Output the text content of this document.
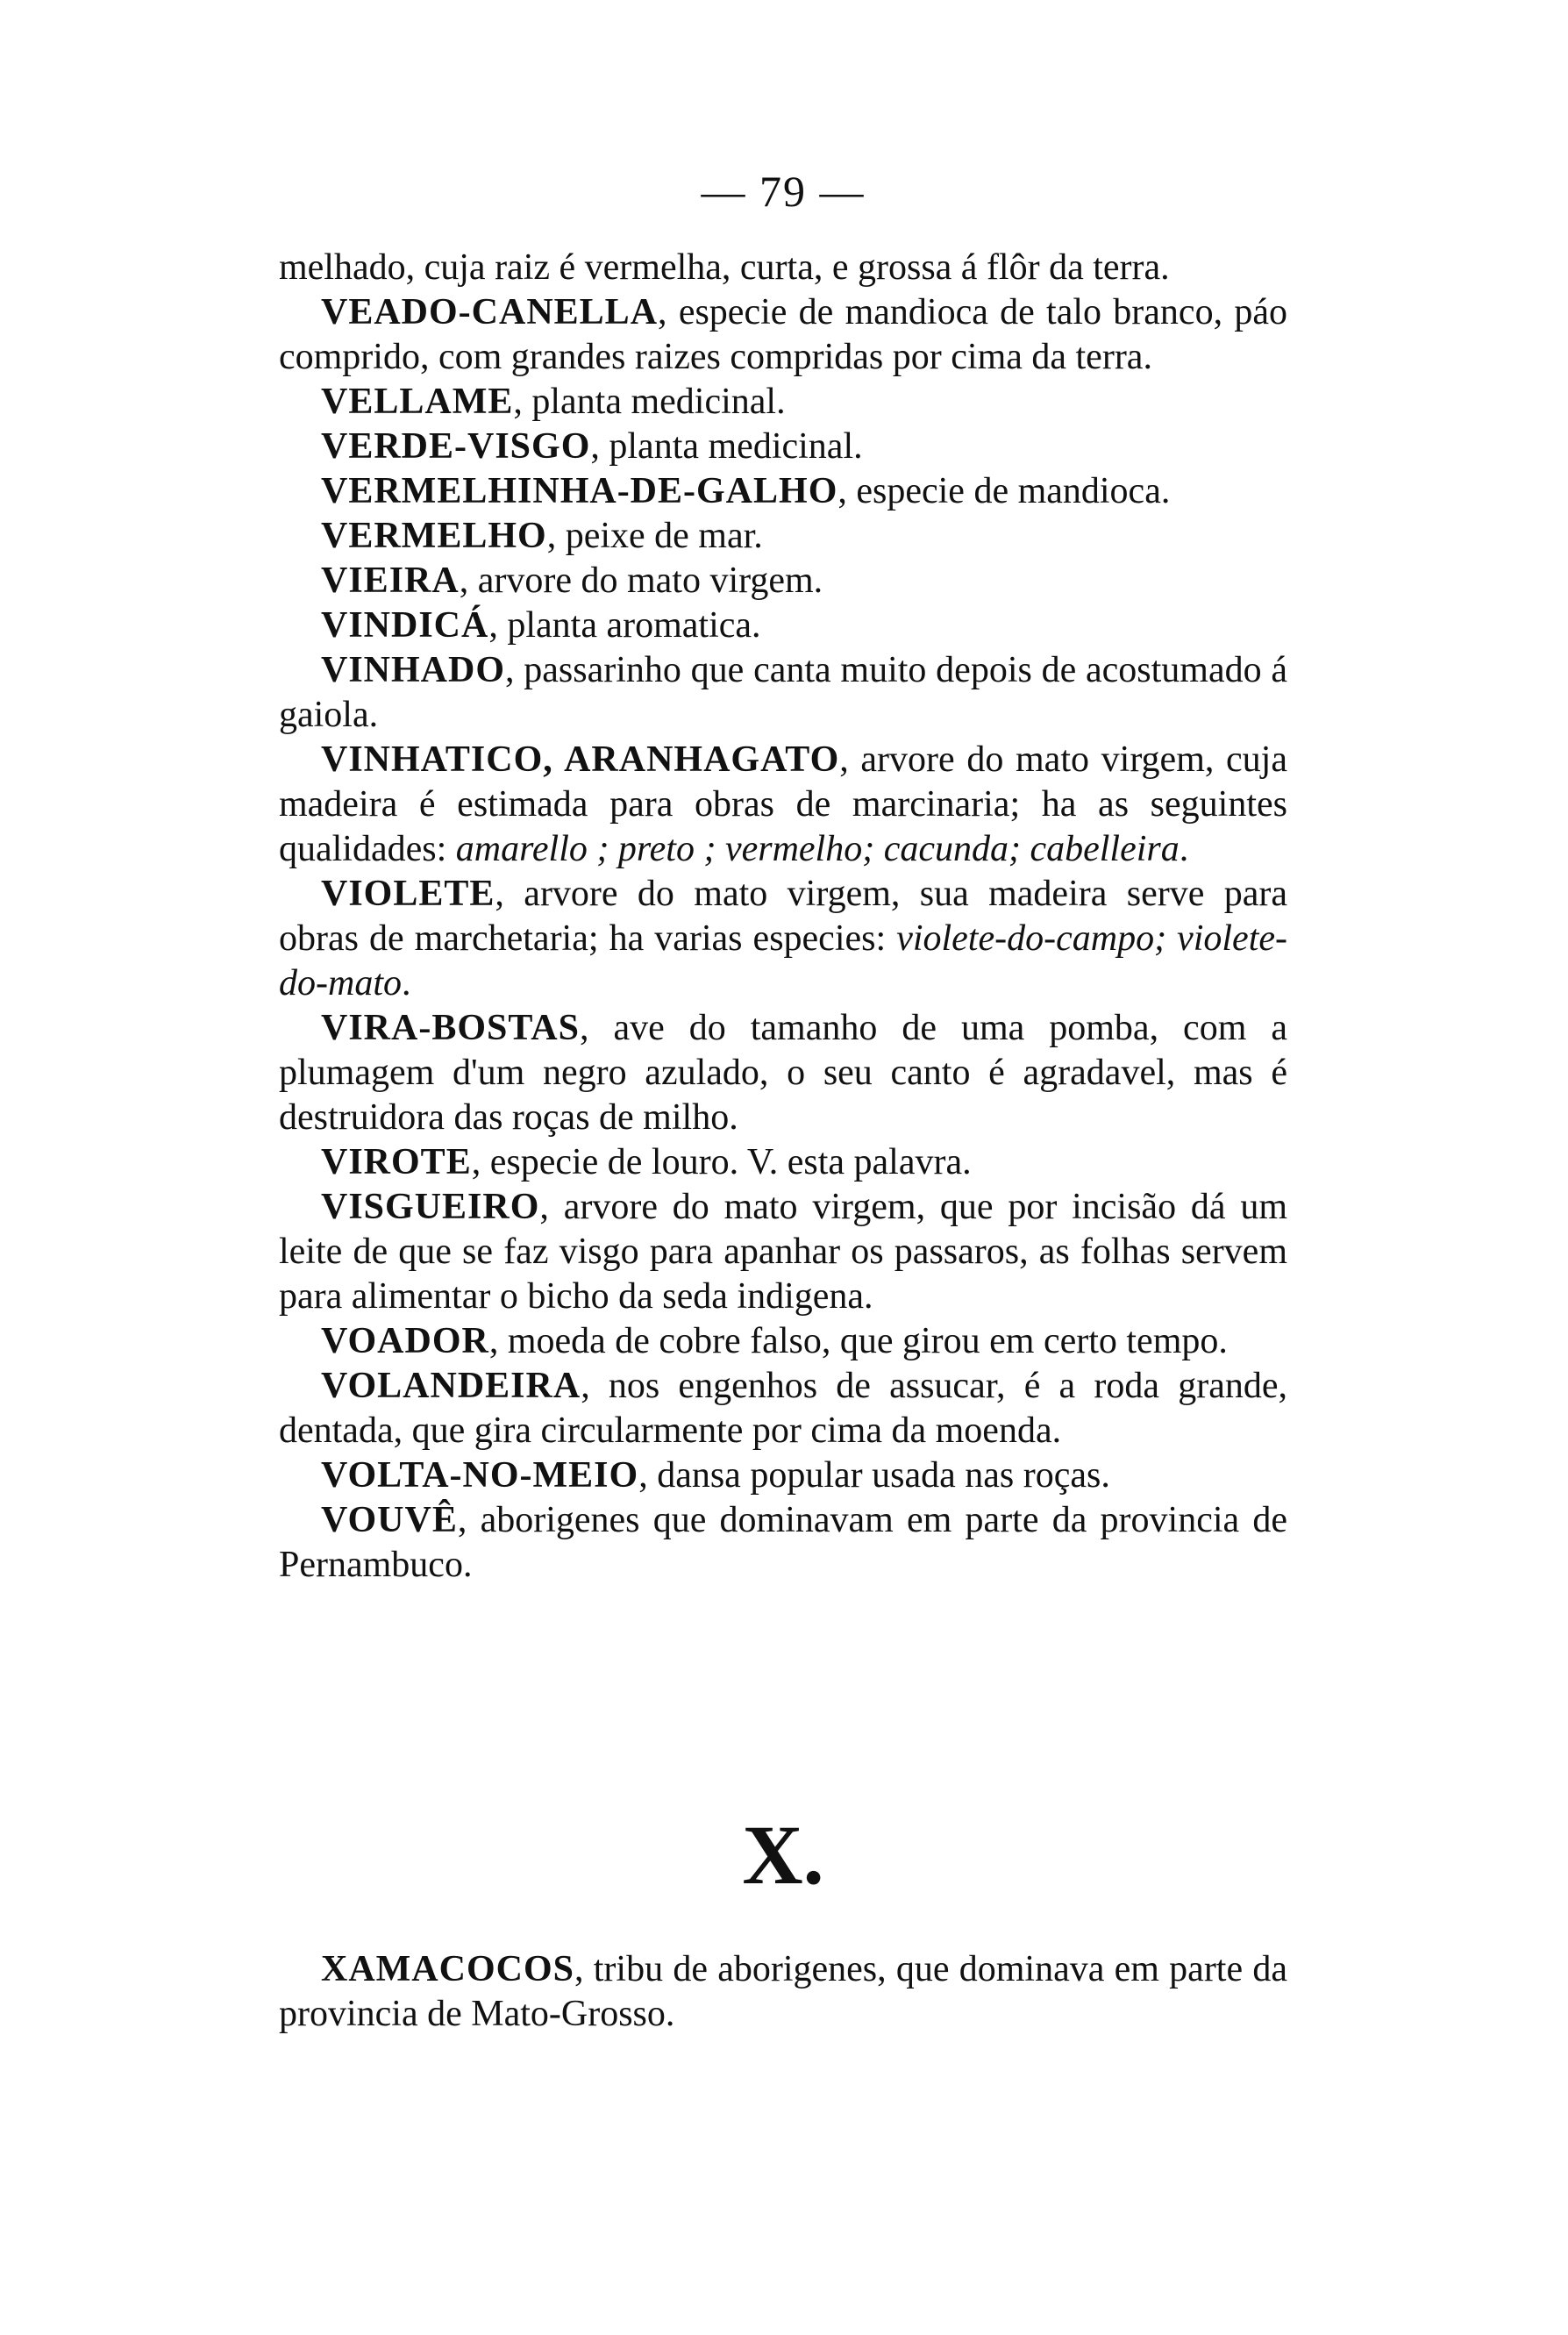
— 79 —

melhado, cuja raiz é vermelha, curta, e grossa á flôr da terra.

VEADO-CANELLA, especie de mandioca de talo branco, páo comprido, com grandes raizes compridas por cima da terra.

VELLAME, planta medicinal.

VERDE-VISGO, planta medicinal.

VERMELHINHA-DE-GALHO, especie de mandioca.

VERMELHO, peixe de mar.

VIEIRA, arvore do mato virgem.

VINDICÁ, planta aromatica.

VINHADO, passarinho que canta muito depois de acostumado á gaiola.

VINHATICO, ARANHAGATO, arvore do mato virgem, cuja madeira é estimada para obras de marcinaria; ha as seguintes qualidades: amarello ; preto ; vermelho; cacunda; cabelleira.

VIOLETE, arvore do mato virgem, sua madeira serve para obras de marchetaria; ha varias especies: violete-do-campo; violete-do-mato.

VIRA-BOSTAS, ave do tamanho de uma pomba, com a plumagem d'um negro azulado, o seu canto é agradavel, mas é destruidora das roças de milho.

VIROTE, especie de louro. V. esta palavra.

VISGUEIRO, arvore do mato virgem, que por incisão dá um leite de que se faz visgo para apanhar os passaros, as folhas servem para alimentar o bicho da seda indigena.

VOADOR, moeda de cobre falso, que girou em certo tempo.

VOLANDEIRA, nos engenhos de assucar, é a roda grande, dentada, que gira circularmente por cima da moenda.

VOLTA-NO-MEIO, dansa popular usada nas roças.

VOUVÊ, aborigenes que dominavam em parte da provincia de Pernambuco.

X.

XAMACOCOS, tribu de aborigenes, que dominava em parte da provincia de Mato-Grosso.
